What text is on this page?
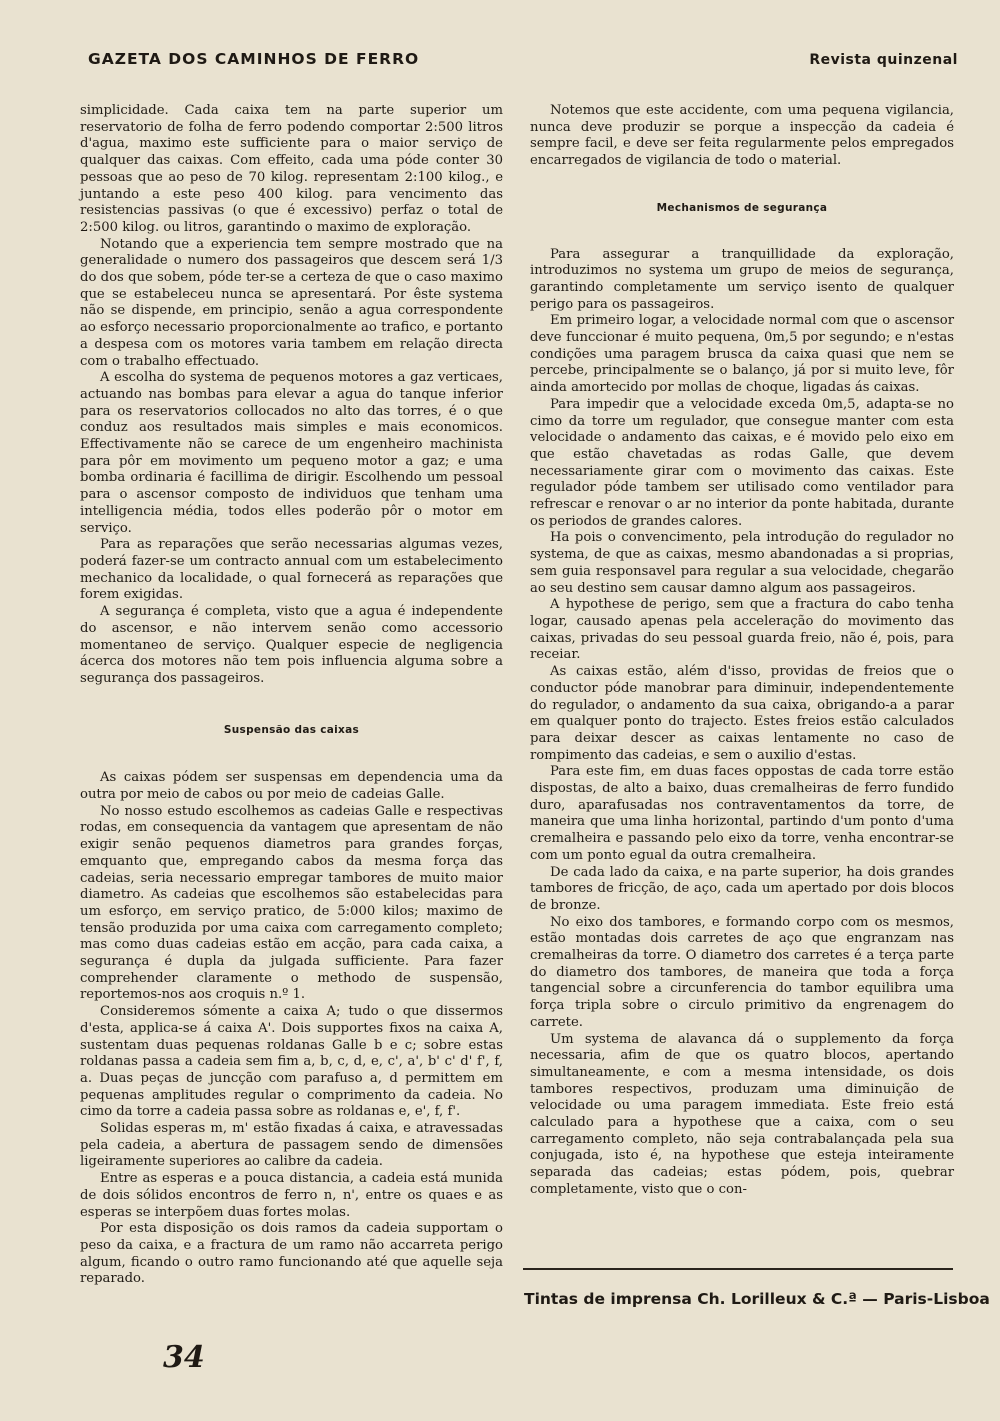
GAZETA DOS CAMINHOS DE FERRO	Revista quinzenal

simplicidade. Cada caixa tem na parte superior um reservatorio de folha de ferro podendo comportar 2:500 litros d'agua, maximo este sufficiente para o maior serviço de qualquer das caixas. Com effeito, cada uma póde conter 30 pessoas que ao peso de 70 kilog. representam 2:100 kilog., e juntando a este peso 400 kilog. para vencimento das resistencias passivas (o que é excessivo) perfaz o total de 2:500 kilog. ou litros, garantindo o maximo de exploração.

Notando que a experiencia tem sempre mostrado que na generalidade o numero dos passageiros que descem será 1/3 do dos que sobem, póde ter-se a certeza de que o caso maximo que se estabeleceu nunca se apresentará. Por êste systema não se dispende, em principio, senão a agua correspondente ao esforço necessario proporcionalmente ao trafico, e portanto a despesa com os motores varia tambem em relação directa com o trabalho effectuado.

A escolha do systema de pequenos motores a gaz verticaes, actuando nas bombas para elevar a agua do tanque inferior para os reservatorios collocados no alto das torres, é o que conduz aos resultados mais simples e mais economicos. Effectivamente não se carece de um engenheiro machinista para pôr em movimento um pequeno motor a gaz; e uma bomba ordinaria é facillima de dirigir. Escolhendo um pessoal para o ascensor composto de individuos que tenham uma intelligencia média, todos elles poderão pôr o motor em serviço.

Para as reparações que serão necessarias algumas vezes, poderá fazer-se um contracto annual com um estabelecimento mechanico da localidade, o qual fornecerá as reparações que forem exigidas.

A segurança é completa, visto que a agua é independente do ascensor, e não intervem senão como accessorio momentaneo de serviço. Qualquer especie de negligencia ácerca dos motores não tem pois influencia alguma sobre a segurança dos passageiros.

Suspensão das caixas

As caixas pódem ser suspensas em dependencia uma da outra por meio de cabos ou por meio de cadeias Galle.

No nosso estudo escolhemos as cadeias Galle e respectivas rodas, em consequencia da vantagem que apresentam de não exigir senão pequenos diametros para grandes forças, emquanto que, empregando cabos da mesma força das cadeias, seria necessario empregar tambores de muito maior diametro. As cadeias que escolhemos são estabelecidas para um esforço, em serviço pratico, de 5:000 kilos; maximo de tensão produzida por uma caixa com carregamento completo; mas como duas cadeias estão em acção, para cada caixa, a segurança é dupla da julgada sufficiente. Para fazer comprehender claramente o methodo de suspensão, reportemos-nos aos croquis n.º 1.

Consideremos sómente a caixa A; tudo o que dissermos d'esta, applica-se á caixa A'. Dois supportes fixos na caixa A, sustentam duas pequenas roldanas Galle b e c; sobre estas roldanas passa a cadeia sem fim a, b, c, d, e, c', a', b' c' d' f', f, a. Duas peças de juncção com parafuso a, d permittem em pequenas amplitudes regular o comprimento da cadeia. No cimo da torre a cadeia passa sobre as roldanas e, e', f, f'.

Solidas esperas m, m' estão fixadas á caixa, e atravessadas pela cadeia, a abertura de passagem sendo de dimensões ligeiramente superiores ao calibre da cadeia.

Entre as esperas e a pouca distancia, a cadeia está munida de dois sólidos encontros de ferro n, n', entre os quaes e as esperas se interpõem duas fortes molas.

Por esta disposição os dois ramos da cadeia supportam o peso da caixa, e a fractura de um ramo não accarreta perigo algum, ficando o outro ramo funcionando até que aquelle seja reparado.

Notemos que este accidente, com uma pequena vigilancia, nunca deve produzir se porque a inspecção da cadeia é sempre facil, e deve ser feita regularmente pelos empregados encarregados de vigilancia de todo o material.

Mechanismos de segurança

Para assegurar a tranquillidade da exploração, introduzimos no systema um grupo de meios de segurança, garantindo completamente um serviço isento de qualquer perigo para os passageiros.

Em primeiro logar, a velocidade normal com que o ascensor deve funccionar é muito pequena, 0m,5 por segundo; e n'estas condições uma paragem brusca da caixa quasi que nem se percebe, principalmente se o balanço, já por si muito leve, fôr ainda amortecido por mollas de choque, ligadas ás caixas.

Para impedir que a velocidade exceda 0m,5, adapta-se no cimo da torre um regulador, que consegue manter com esta velocidade o andamento das caixas, e é movido pelo eixo em que estão chavetadas as rodas Galle, que devem necessariamente girar com o movimento das caixas. Este regulador póde tambem ser utilisado como ventilador para refrescar e renovar o ar no interior da ponte habitada, durante os periodos de grandes calores.

Ha pois o convencimento, pela introdução do regulador no systema, de que as caixas, mesmo abandonadas a si proprias, sem guia responsavel para regular a sua velocidade, chegarão ao seu destino sem causar damno algum aos passageiros.

A hypothese de perigo, sem que a fractura do cabo tenha logar, causado apenas pela acceleração do movimento das caixas, privadas do seu pessoal guarda freio, não é, pois, para receiar.

As caixas estão, além d'isso, providas de freios que o conductor póde manobrar para diminuir, independentemente do regulador, o andamento da sua caixa, obrigando-a a parar em qualquer ponto do trajecto. Estes freios estão calculados para deixar descer as caixas lentamente no caso de rompimento das cadeias, e sem o auxilio d'estas.

Para este fim, em duas faces oppostas de cada torre estão dispostas, de alto a baixo, duas cremalheiras de ferro fundido duro, aparafusadas nos contraventamentos da torre, de maneira que uma linha horizontal, partindo d'um ponto d'uma cremalheira e passando pelo eixo da torre, venha encontrar-se com um ponto egual da outra cremalheira.

De cada lado da caixa, e na parte superior, ha dois grandes tambores de fricção, de aço, cada um apertado por dois blocos de bronze.

No eixo dos tambores, e formando corpo com os mesmos, estão montadas dois carretes de aço que engranzam nas cremalheiras da torre. O diametro dos carretes é a terça parte do diametro dos tambores, de maneira que toda a força tangencial sobre a circunferencia do tambor equilibra uma força tripla sobre o circulo primitivo da engrenagem do carrete.

Um systema de alavanca dá o supplemento da força necessaria, afim de que os quatro blocos, apertando simultaneamente, e com a mesma intensidade, os dois tambores respectivos, produzam uma diminuição de velocidade ou uma paragem immediata. Este freio está calculado para a hypothese que a caixa, com o seu carregamento completo, não seja contrabalançada pela sua conjugada, isto é, na hypothese que esteja inteiramente separada das cadeias; estas pódem, pois, quebrar completamente, visto que o con-

Tintas de imprensa Ch. Lorilleux & C.ª — Paris-Lisboa
34
